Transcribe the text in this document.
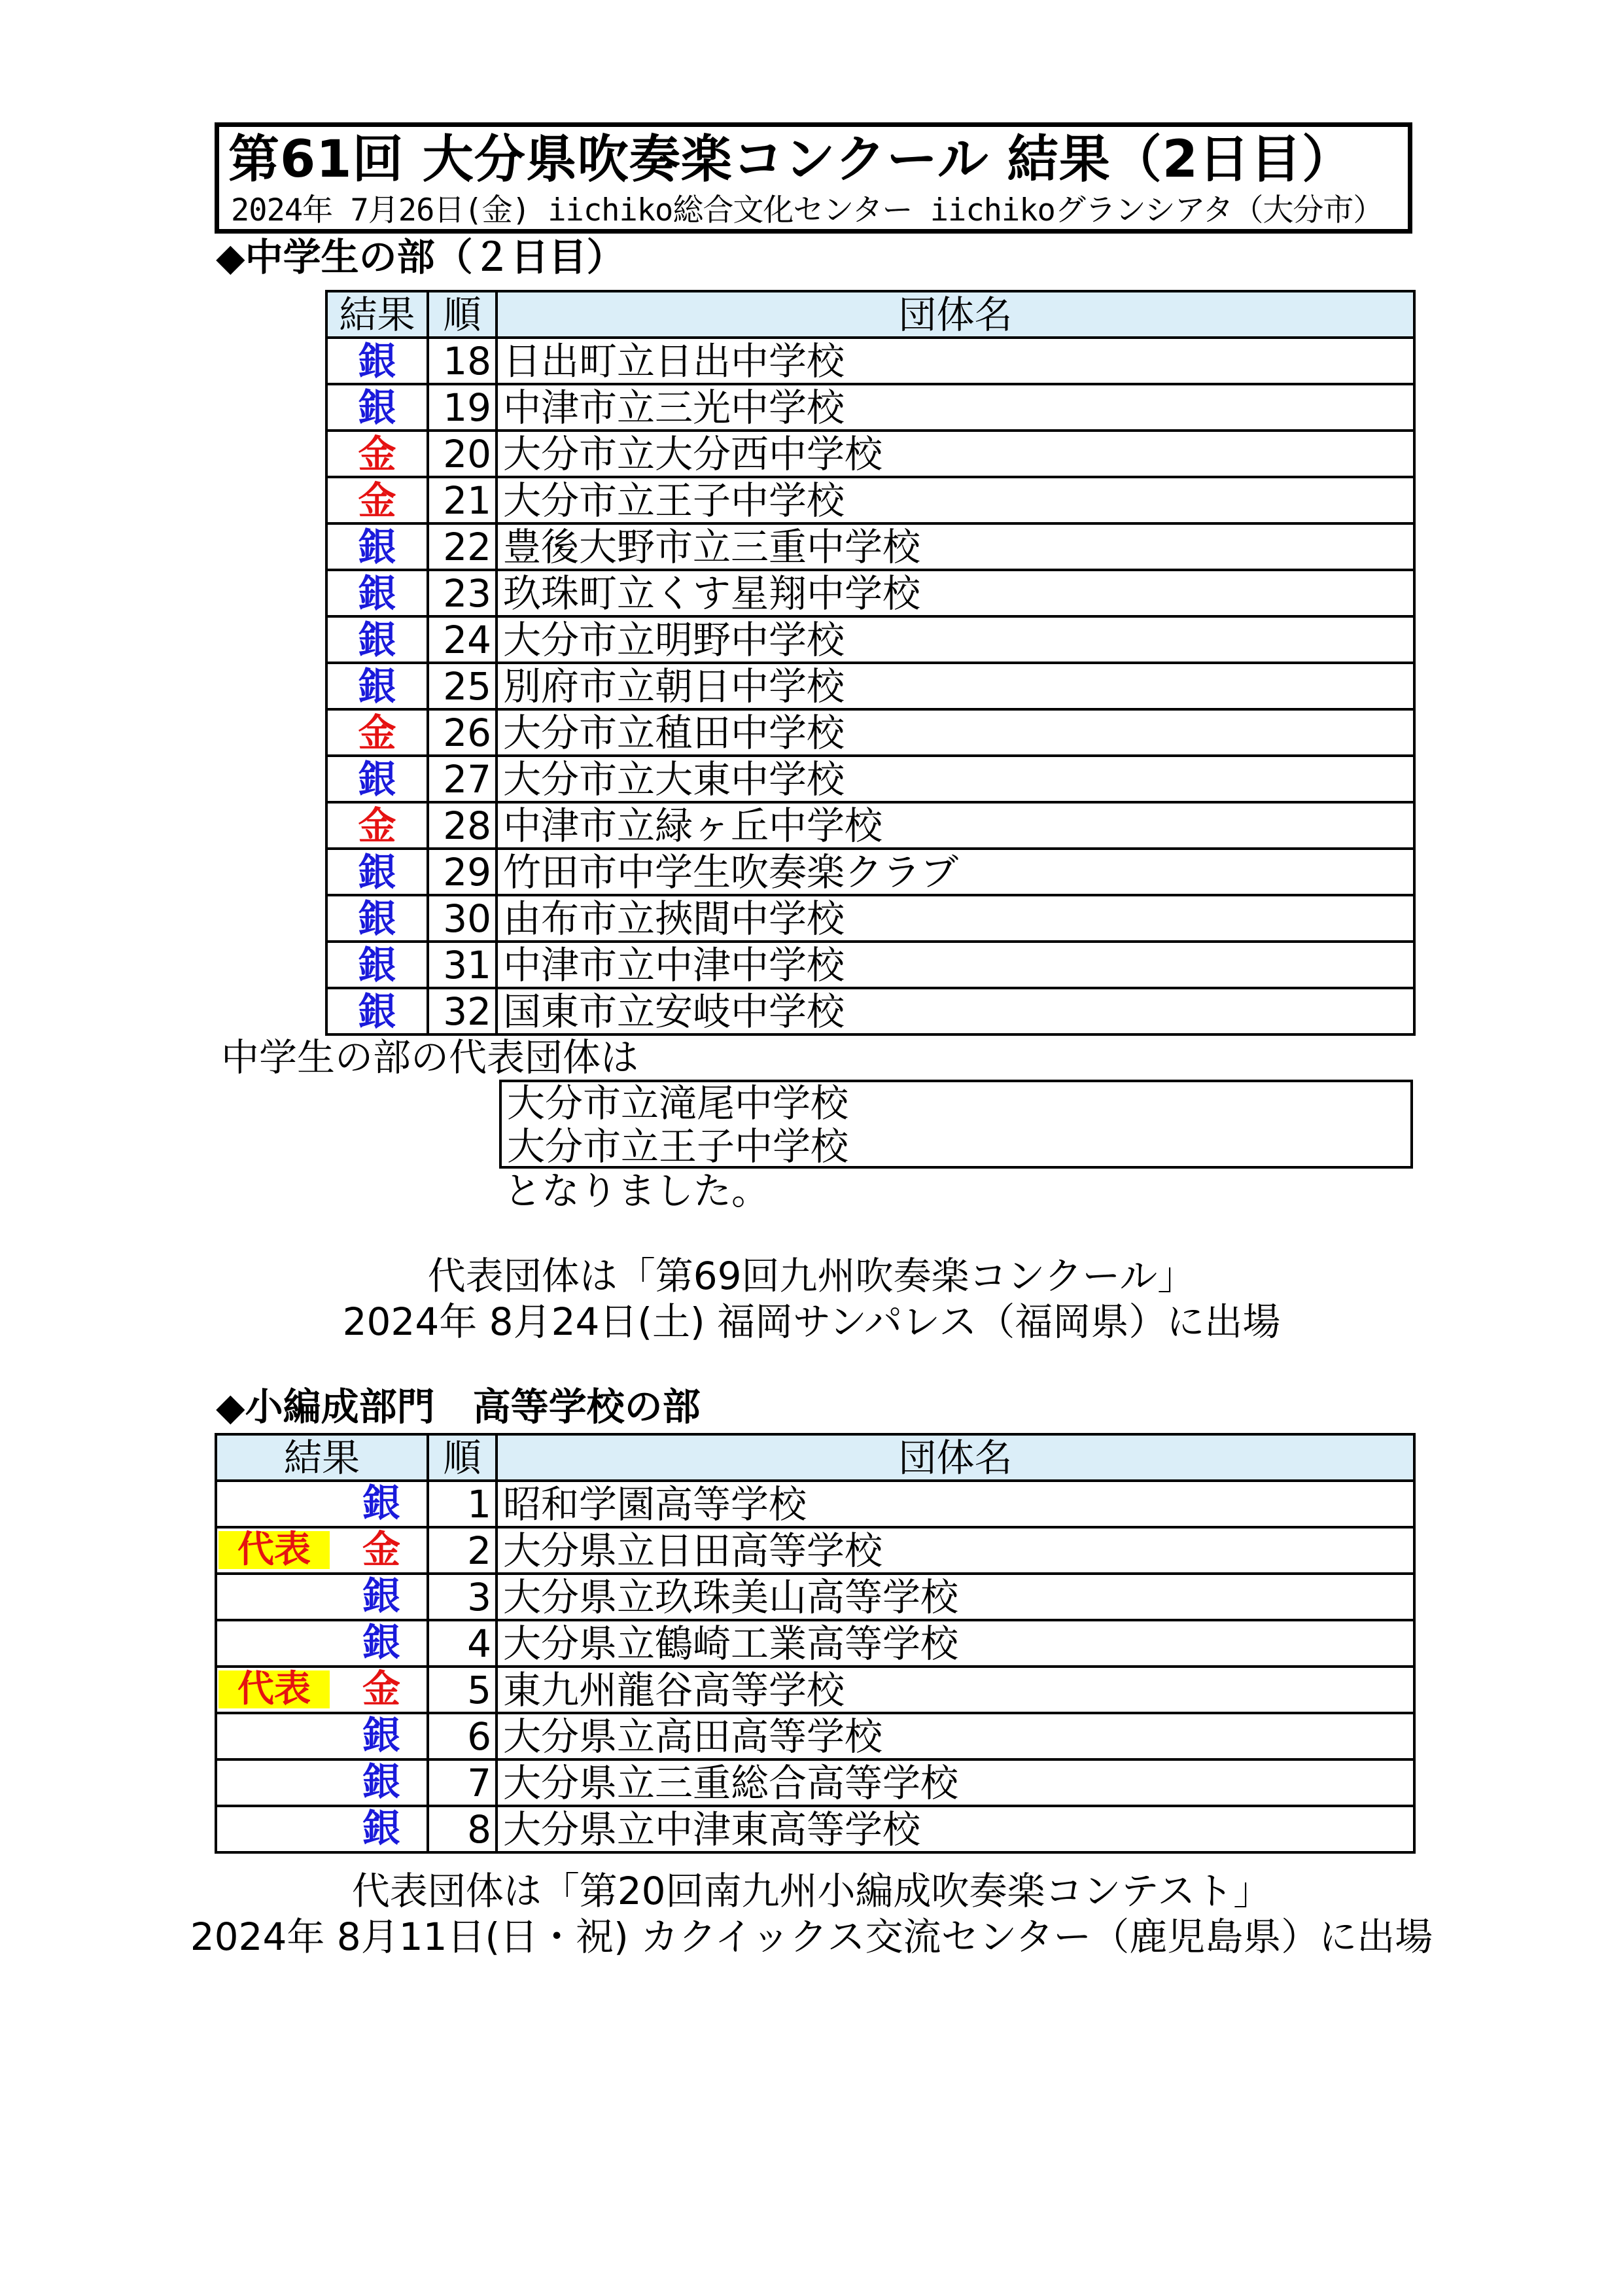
第61回 大分県吹奏楽コンクール 結果（2日目）
2024年 7月26日(金) iichiko総合文化センター iichikoグランシアタ（大分市）
◆中学生の部（２日目）
結果	順	団体名
銀	18	日出町立日出中学校
銀	19	中津市立三光中学校
金	20	大分市立大分西中学校
金	21	大分市立王子中学校
銀	22	豊後大野市立三重中学校
銀	23	玖珠町立くす星翔中学校
銀	24	大分市立明野中学校
銀	25	別府市立朝日中学校
金	26	大分市立稙田中学校
銀	27	大分市立大東中学校
金	28	中津市立緑ヶ丘中学校
銀	29	竹田市中学生吹奏楽クラブ
銀	30	由布市立挾間中学校
銀	31	中津市立中津中学校
銀	32	国東市立安岐中学校
中学生の部の代表団体は
大分市立滝尾中学校
大分市立王子中学校
となりました。
代表団体は「第69回九州吹奏楽コンクール」
2024年 8月24日(土) 福岡サンパレス（福岡県）に出場
◆小編成部門　高等学校の部
結果	順	団体名

銀	1	昭和学園高等学校

代表 金	2	大分県立日田高等学校

銀	3	大分県立玖珠美山高等学校

銀	4	大分県立鶴崎工業高等学校

代表 金	5	東九州龍谷高等学校

銀	6	大分県立高田高等学校

銀	7	大分県立三重総合高等学校

銀	8	大分県立中津東高等学校
代表団体は「第20回南九州小編成吹奏楽コンテスト」
2024年 8月11日(日・祝) カクイックス交流センター（鹿児島県）に出場
